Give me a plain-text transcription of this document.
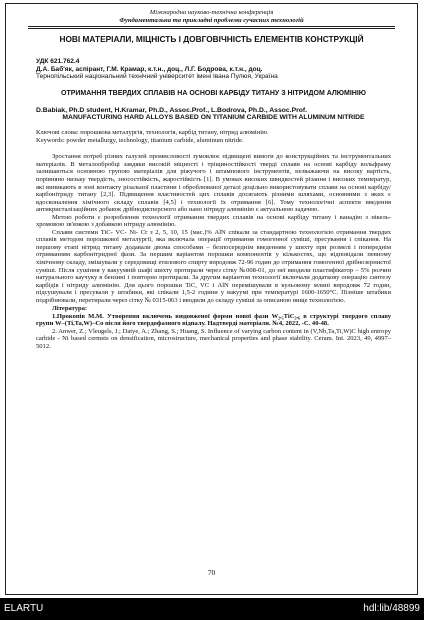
Міжнародна науково-технічна конференція
Фундаментальна та прикладні проблеми сучасних технологій
НОВІ МАТЕРІАЛИ, МІЦНІСТЬ І ДОВГОВІЧНІСТЬ ЕЛЕМЕНТІВ КОНСТРУКЦІЙ
УДК 621.762.4
Д.А. Баб'як, аспірант, Г.М. Крамар, к.т.н., доц., Л.Г. Бодрова, к.т.н., доц.
Тернопільський національний технічний університет імені Івана Пулюя, Україна
ОТРИМАННЯ ТВЕРДИХ СПЛАВІВ НА ОСНОВІ КАРБІДУ ТИТАНУ З НІТРИДОМ АЛЮМІНІЮ
D.Babiak, Ph.D student, H.Kramar, Ph.D., Assoc.Prof., L.Bodrova, Ph.D., Assoc.Prof.
MANUFACTURING HARD ALLOYS BASED ON TITANIUM CARBIDE WITH ALUMINUM NITRIDE
Ключові слова: порошкова металургія, технологія, карбід титану, нітрид алюмінію.
Keywords: powder metallurgy, technology, titanium carbide, aluminum nitride.
Зростання потреб різних галузей промисловості зумовлює підвищені вимоги до конструкційних та інструментальних матеріалів. В металообробці завдяки високій міцності і тріщиностійкості тверді сплави на основі карбіду вольфраму залишаються основною групою матеріалів для ріжучого і штампового інструментів, незважаючи на високу вартість, порівняно низьку твердість, зносостійкість, жаростійкість [1]. В умовах високих швидкостей різання і високих температур, які виникають в зоні контакту різальної пластини і оброблюваної деталі доцільно використовувати сплави на основі карбіду/карбонітриду титану [2,3]. Підвищення властивостей цих сплавів досягають різними шляхами, основними з яких є вдосконалення хімічного складу сплавів [4,5] і технології їх отримання [6]. Тому технологічні аспекти введення антикристалізаційних добавок дрібнодисперсного або нано нітриду алюмінію є актуальною задачею.
Метою роботи є розроблення технології отримання твердих сплавів на основі карбіду титану і ванадію з нікель-хромовою зв'язкою з добавкою нітриду алюмінію.
Сплави системи TiC- VC- Ni- Cr з 2, 5, 10, 15 (мас.)% AlN спікали за стандартною технологією отримання твердих сплавів методом порошкової металургії, яка включала операції отримання гомогенної суміші, пресування і спікання. На першому етапі нітрид титану додавали двома способами – безпосереднім введенням у шихту при розмелі і попереднім отриманням карбонітридної фази. За першим варіантом порошки компонентів у кількостях, що відповідали певному хімічному складу, змішували у середовищі етилового спирту впродовж 72-96 годин до отримання гомогенної дрібнозернистої суміші. Після сушіння у вакуумній шафі шихту протирали через сітку №008-01, до неї вводили пластифікатор – 5% розчин натурального каучуку в бензині і повторно протирали. За другим варіантом технології включали додаткову операцію синтезу карбідів і нітриду алюмінію. Для цього порошки TiC, VC і AlN перемішували в кульовому млині впродовж 72 годин, підсушували і пресували у штабики, які спікали 1,5-2 години у вакуумі при температурі 1600-1650°С. Пізніше штабики подрібнювали, перетирали через сітку № 0315-063 і вводили до складу суміші за описаною вище технологією.
Література:
1.Прокопів М.М. Утворення включень вюдовженої форми нової фази W₂,₅TiC₂,₆ в структурі твердого сплаву групи W–(Ti,Ta,W)–Co після його твердофазного відпалу. Надтверді матеріали. №4, 2022, -С. 40-48.
2. Anwer, Z.; Vleugels, J.; Datye, A.; Zhang, S.; Huang, S. Influence of varying carbon content in (V,Nb,Ta,Ti,W)C high entropy carbide - Ni based cermets on densification, microstructure, mechanical properties and phase stability. Ceram. Int. 2023, 49, 4997–5012.
70
ELARTU	hdl:lib/48899
